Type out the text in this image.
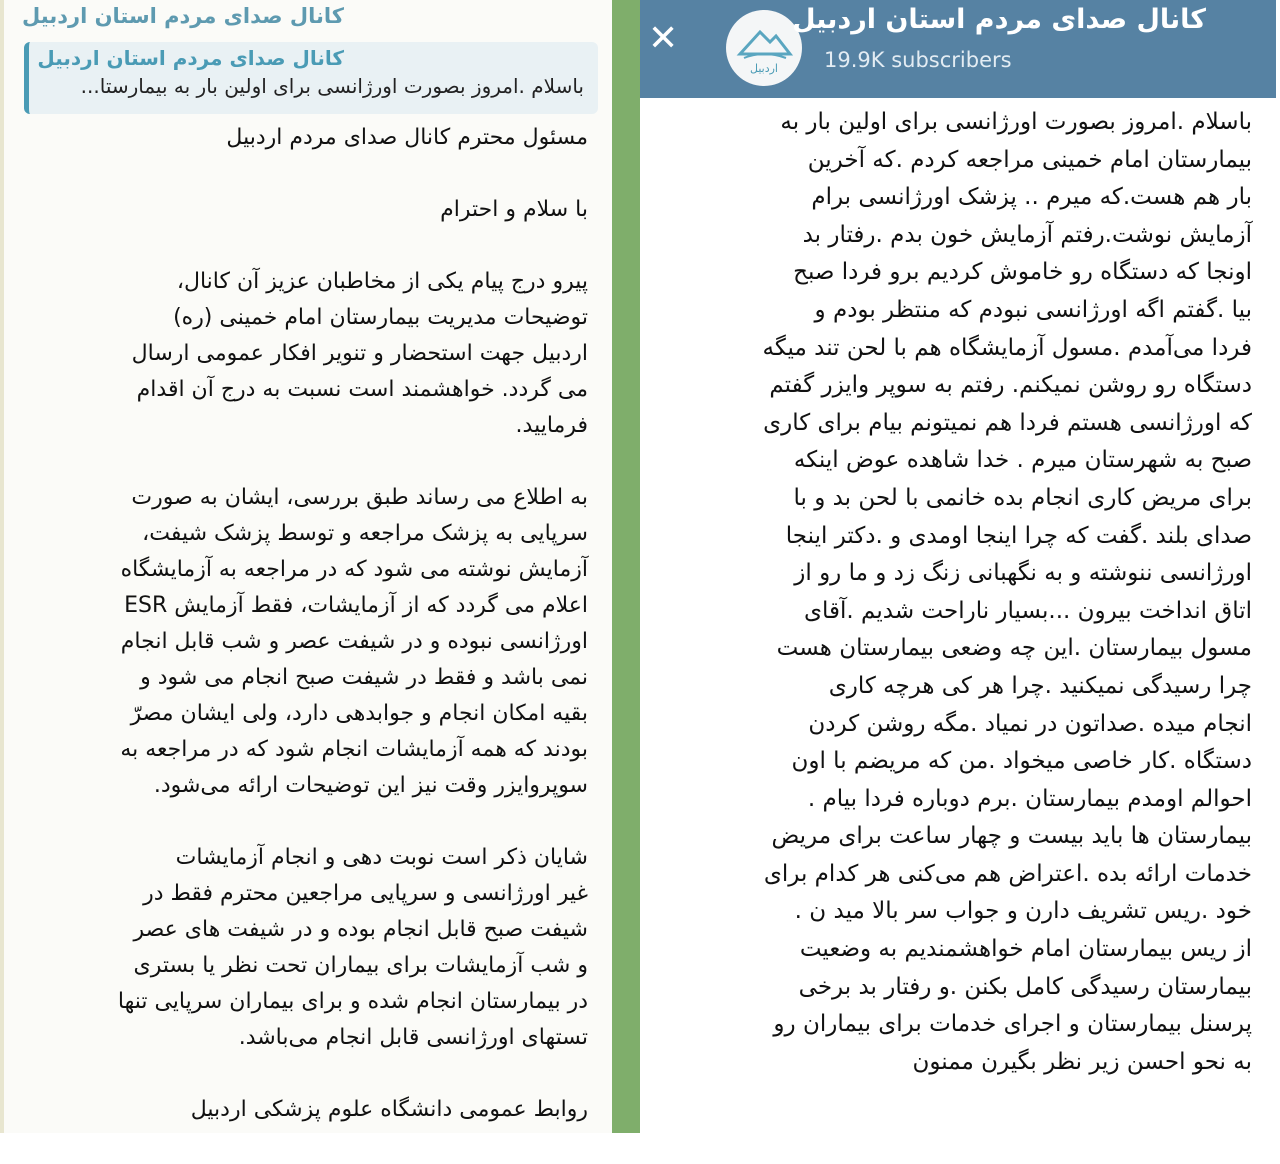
کانال صدای مردم استان اردبیل
کانال صدای مردم استان اردبیل
باسلام .امروز بصورت اورژانسی برای اولین بار به بیمارستا...

مسئول محترم کانال صدای مردم اردبیل

با سلام و احترام

پیرو درج پیام یکی از مخاطبان عزیز آن کانال،
توضیحات مدیریت بیمارستان امام خمینی (ره)
اردبیل جهت استحضار و تنویر افکار عمومی ارسال
می گردد. خواهشمند است نسبت به درج آن اقدام
فرمایید.

به اطلاع می رساند طبق بررسی، ایشان به صورت
سرپایی به پزشک مراجعه و توسط پزشک شیفت،
آزمایش نوشته می شود که در مراجعه به آزمایشگاه
اعلام می گردد که از آزمایشات، فقط آزمایش ESR
اورژانسی نبوده و در شیفت عصر و شب قابل انجام
نمی باشد و فقط در شیفت صبح انجام می شود و
بقیه امکان انجام و جوابدهی دارد، ولی ایشان مصرّ
بودند که همه آزمایشات انجام شود که در مراجعه به
سوپروایزر وقت نیز این توضیحات ارائه می‌شود.

شایان ذکر است نوبت دهی و انجام آزمایشات
غیر اورژانسی و سرپایی مراجعین محترم فقط در
شیفت صبح قابل انجام بوده و در شیفت های عصر
و شب آزمایشات برای بیماران تحت نظر یا بستری
در بیمارستان انجام شده و برای بیماران سرپایی تنها
تستهای اورژانسی قابل انجام می‌باشد.

روابط عمومی دانشگاه علوم پزشکی اردبیل

✕
اردبیل
کانال صدای مردم استان اردبیل
19.9K subscribers
باسلام .امروز بصورت اورژانسی برای اولین بار به
بیمارستان امام خمینی مراجعه کردم .که آخرین
بار هم هست.که میرم .. پزشک اورژانسی برام
آزمایش نوشت.رفتم آزمایش خون بدم .رفتار بد
اونجا که دستگاه رو خاموش کردیم برو فردا صبح
بیا .گفتم اگه اورژانسی نبودم که منتظر بودم و
فردا می‌آمدم .مسول آزمایشگاه هم با لحن تند میگه
دستگاه رو روشن نمیکنم. رفتم به سوپر وایزر گفتم
که اورژانسی هستم فردا هم نمیتونم بیام برای کاری
صبح به شهرستان میرم . خدا شاهده عوض اینکه
برای مریض کاری انجام بده خانمی با لحن بد و با
صدای بلند .گفت که چرا اینجا اومدی و .دکتر اینجا
اورژانسی ننوشته و به نگهبانی زنگ زد و ما رو از
اتاق انداخت بیرون ...بسیار ناراحت شدیم .آقای
مسول بیمارستان .این چه وضعی بیمارستان هست
چرا رسیدگی نمیکنید .چرا هر کی هرچه کاری
انجام میده .صداتون در نمیاد .مگه روشن کردن
دستگاه .کار خاصی میخواد .من که مریضم با اون
احوالم اومدم بیمارستان .برم دوباره فردا بیام .
بیمارستان ها باید بیست و چهار ساعت برای مریض
خدمات ارائه بده .اعتراض هم می‌کنی هر کدام برای
خود .ریس تشریف دارن و جواب سر بالا مید ن .
از ریس بیمارستان امام خواهشمندیم به وضعیت
بیمارستان رسیدگی کامل بکنن .و رفتار بد برخی
پرسنل بیمارستان و اجرای خدمات برای بیماران رو
به نحو احسن زیر نظر بگیرن ممنون
